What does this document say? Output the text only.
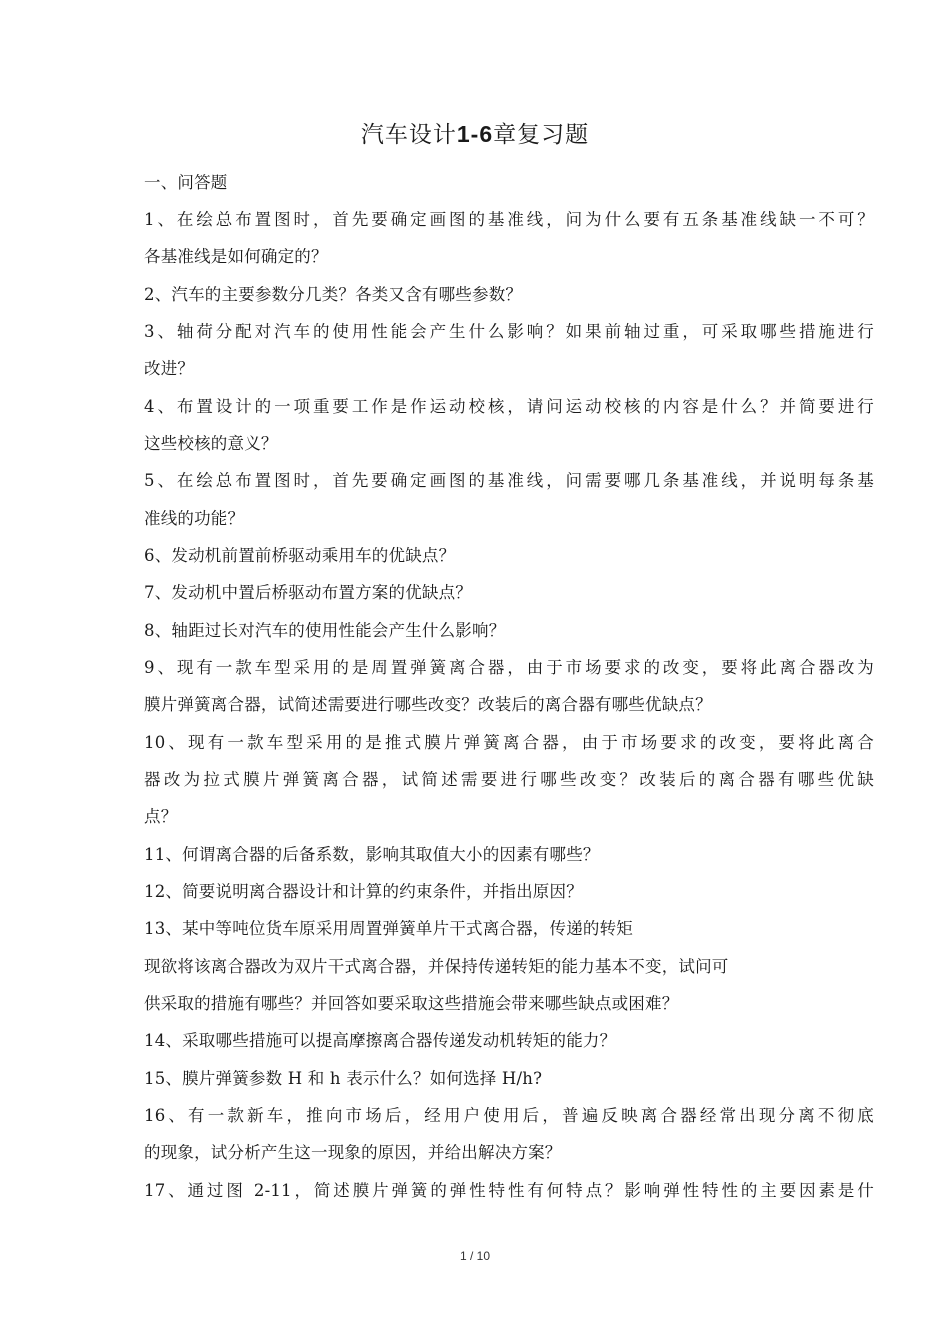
汽车设计1-6章复习题
一、问答题
1、在绘总布置图时，首先要确定画图的基准线，问为什么要有五条基准线缺一不可？
各基准线是如何确定的？
2、汽车的主要参数分几类？各类又含有哪些参数？
3、轴荷分配对汽车的使用性能会产生什么影响？如果前轴过重，可采取哪些措施进行
改进？
4、布置设计的一项重要工作是作运动校核，请问运动校核的内容是什么？并简要进行
这些校核的意义？
5、在绘总布置图时，首先要确定画图的基准线，问需要哪几条基准线，并说明每条基
准线的功能？
6、发动机前置前桥驱动乘用车的优缺点？
7、发动机中置后桥驱动布置方案的优缺点？
8、轴距过长对汽车的使用性能会产生什么影响？
9、现有一款车型采用的是周置弹簧离合器，由于市场要求的改变，要将此离合器改为
膜片弹簧离合器，试简述需要进行哪些改变？改装后的离合器有哪些优缺点？
10、现有一款车型采用的是推式膜片弹簧离合器，由于市场要求的改变，要将此离合
器改为拉式膜片弹簧离合器，试简述需要进行哪些改变？改装后的离合器有哪些优缺
点？
11、何谓离合器的后备系数，影响其取值大小的因素有哪些？
12、简要说明离合器设计和计算的约束条件，并指出原因？
13、某中等吨位货车原采用周置弹簧单片干式离合器，传递的转矩
现欲将该离合器改为双片干式离合器，并保持传递转矩的能力基本不变，试问可
供采取的措施有哪些？并回答如要采取这些措施会带来哪些缺点或困难？
14、采取哪些措施可以提高摩擦离合器传递发动机转矩的能力？
15、膜片弹簧参数 H 和 h 表示什么？如何选择 H/h?
16、有一款新车，推向市场后，经用户使用后，普遍反映离合器经常出现分离不彻底
的现象，试分析产生这一现象的原因，并给出解决方案？
17、通过图 2-11，简述膜片弹簧的弹性特性有何特点？影响弹性特性的主要因素是什
1 / 10
